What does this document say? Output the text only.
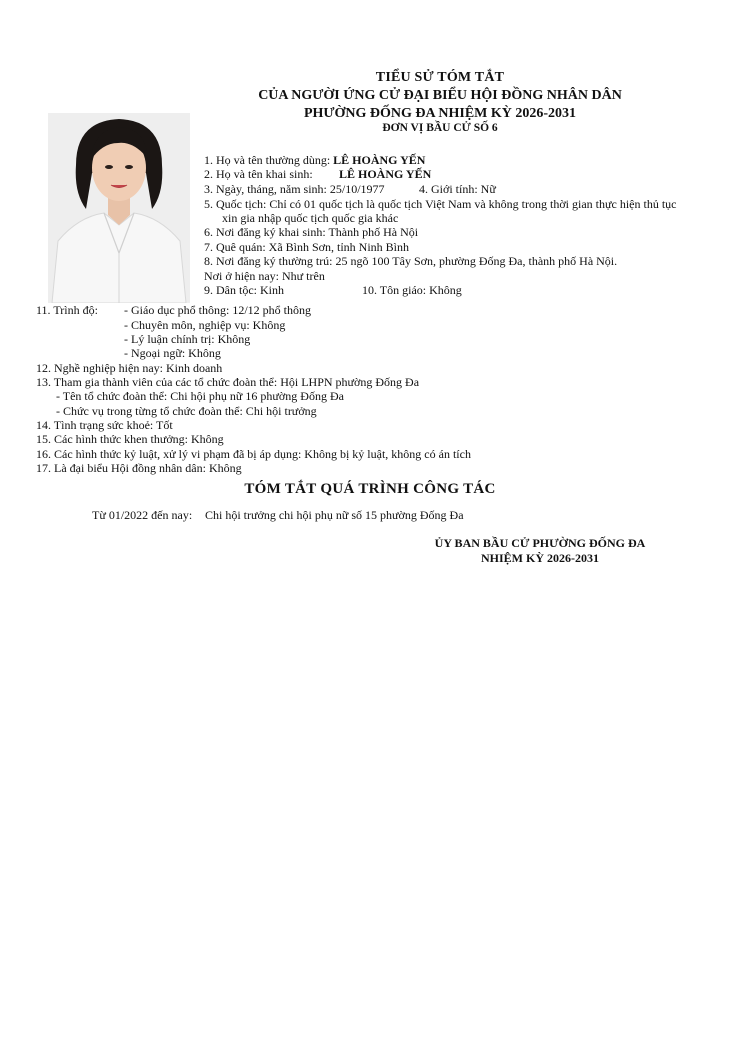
TIỂU SỬ TÓM TẮT
CỦA NGƯỜI ỨNG CỬ ĐẠI BIỂU HỘI ĐỒNG NHÂN DÂN
PHƯỜNG ĐỐNG ĐA NHIỆM KỲ 2026-2031
ĐƠN VỊ BẦU CỬ SỐ 6
1. Họ và tên thường dùng: LÊ HOÀNG YẾN
2. Họ và tên khai sinh: LÊ HOÀNG YẾN
3. Ngày, tháng, năm sinh: 25/10/1977	4. Giới tính: Nữ
5. Quốc tịch: Chỉ có 01 quốc tịch là quốc tịch Việt Nam và không trong thời gian thực hiện thủ tục
xin gia nhập quốc tịch quốc gia khác
6. Nơi đăng ký khai sinh: Thành phố Hà Nội
7. Quê quán: Xã Bình Sơn, tỉnh Ninh Bình
8. Nơi đăng ký thường trú: 25 ngõ 100 Tây Sơn, phường Đống Đa, thành phố Hà Nội.
Nơi ở hiện nay: Như trên
9. Dân tộc: Kinh	10. Tôn giáo: Không
11. Trình độ: - Giáo dục phổ thông: 12/12 phổ thông
- Chuyên môn, nghiệp vụ: Không
- Lý luận chính trị: Không
- Ngoại ngữ: Không
12. Nghề nghiệp hiện nay: Kinh doanh
13. Tham gia thành viên của các tổ chức đoàn thể: Hội LHPN phường Đống Đa
- Tên tổ chức đoàn thể: Chi hội phụ nữ 16 phường Đống Đa
- Chức vụ trong từng tổ chức đoàn thể: Chi hội trưởng
14. Tình trạng sức khoẻ: Tốt
15. Các hình thức khen thưởng: Không
16. Các hình thức kỷ luật, xử lý vi phạm đã bị áp dụng: Không bị kỷ luật, không có án tích
17. Là đại biểu Hội đồng nhân dân: Không
TÓM TẮT QUÁ TRÌNH CÔNG TÁC
Từ 01/2022 đến nay: Chi hội trưởng chi hội phụ nữ số 15 phường Đống Đa
ỦY BAN BẦU CỬ PHƯỜNG ĐỐNG ĐA
NHIỆM KỲ 2026-2031
